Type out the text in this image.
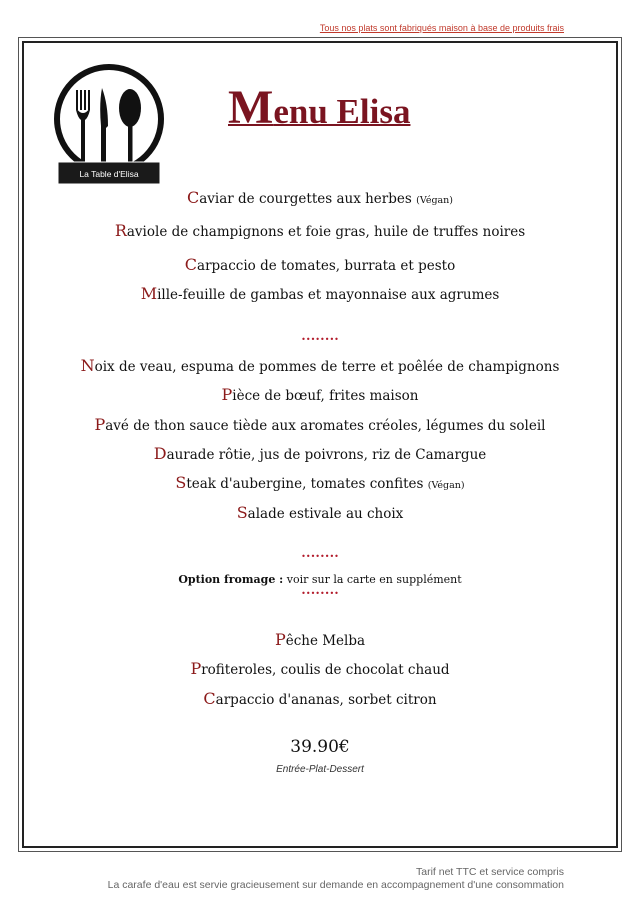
Tous nos plats sont fabriqués maison à base de produits frais
La Table d'Elisa
Menu Elisa
Caviar de courgettes aux herbes (Végan)
Raviole de champignons et foie gras, huile de truffes noires
Carpaccio de tomates, burrata et pesto
Mille-feuille de gambas et mayonnaise aux agrumes
••••••••
Noix de veau, espuma de pommes de terre et poêlée de champignons
Pièce de bœuf, frites maison
Pavé de thon sauce tiède aux aromates créoles, légumes du soleil
Daurade rôtie, jus de poivrons, riz de Camargue
Steak d'aubergine, tomates confites (Végan)
Salade estivale au choix
••••••••
Option fromage : voir sur la carte en supplément
••••••••
Pêche Melba
Profiteroles, coulis de chocolat chaud
Carpaccio d'ananas, sorbet citron
39.90€
Entrée-Plat-Dessert
Tarif net TTC et service compris
La carafe d'eau est servie gracieusement sur demande en accompagnement d'une consommation
